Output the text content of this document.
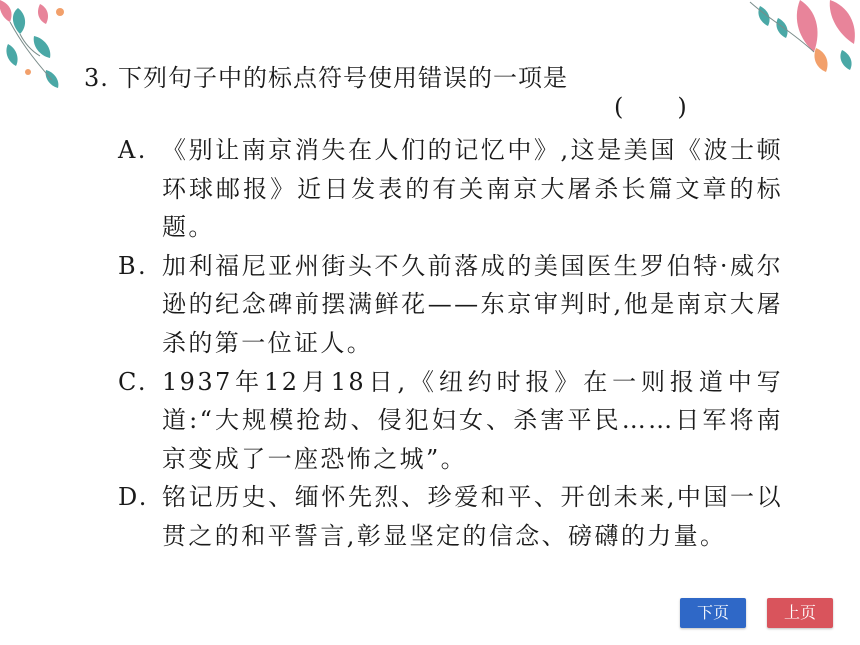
3. 下列句子中的标点符号使用错误的一项是
(　　)
A. 《别让南京消失在人们的记忆中》,这是美国《波士顿环球邮报》近日发表的有关南京大屠杀长篇文章的标题。
B. 加利福尼亚州街头不久前落成的美国医生罗伯特·威尔逊的纪念碑前摆满鲜花——东京审判时,他是南京大屠杀的第一位证人。
C. 1937年12月18日,《纽约时报》在一则报道中写道:“大规模抢劫、侵犯妇女、杀害平民……日军将南京变成了一座恐怖之城”。
D. 铭记历史、缅怀先烈、珍爱和平、开创未来,中国一以贯之的和平誓言,彰显坚定的信念、磅礴的力量。
下页	上页
